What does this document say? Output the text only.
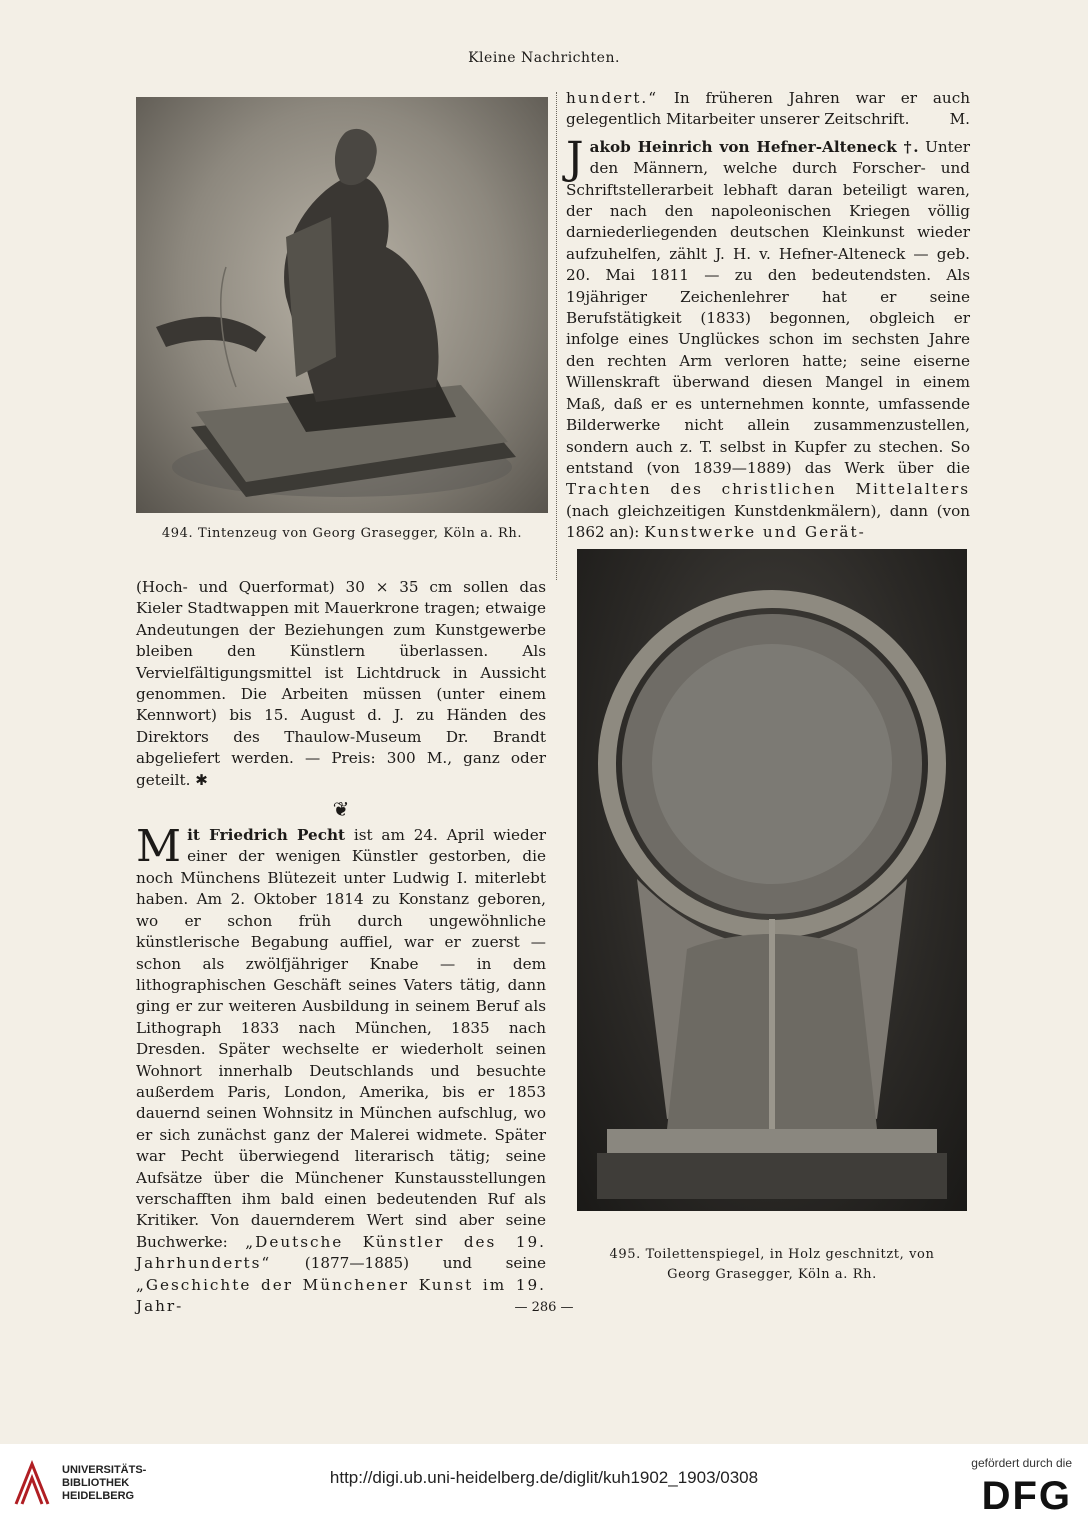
Kleine Nachrichten.
494. Tintenzeug von Georg Grasegger, Köln a. Rh.
495. Toilettenspiegel, in Holz geschnitzt, von
Georg Grasegger, Köln a. Rh.

(Hoch- und Querformat) 30 × 35 cm sollen das Kieler Stadtwappen mit Mauerkrone tragen; etwaige Andeutungen der Beziehungen zum Kunstgewerbe bleiben den Künstlern überlassen. Als Vervielfältigungsmittel ist Lichtdruck in Aussicht genommen. Die Arbeiten müssen (unter einem Kennwort) bis 15. August d. J. zu Händen des Direktors des Thaulow-Museum Dr. Brandt abgeliefert werden. — Preis: 300 M., ganz oder geteilt. ✱

❦

Mit Friedrich Pecht ist am 24. April wieder einer der wenigen Künstler gestorben, die noch Münchens Blütezeit unter Ludwig I. miterlebt haben. Am 2. Oktober 1814 zu Konstanz geboren, wo er schon früh durch ungewöhnliche künstlerische Begabung auffiel, war er zuerst — schon als zwölfjähriger Knabe — in dem lithographischen Geschäft seines Vaters tätig, dann ging er zur weiteren Ausbildung in seinem Beruf als Lithograph 1833 nach München, 1835 nach Dresden. Später wechselte er wiederholt seinen Wohnort innerhalb Deutschlands und besuchte außerdem Paris, London, Amerika, bis er 1853 dauernd seinen Wohnsitz in München aufschlug, wo er sich zunächst ganz der Malerei widmete. Später war Pecht überwiegend literarisch tätig; seine Aufsätze über die Münchener Kunstausstellungen verschafften ihm bald einen bedeutenden Ruf als Kritiker. Von dauernderem Wert sind aber seine Buchwerke: „Deutsche Künstler des 19. Jahrhunderts“ (1877—1885) und seine „Geschichte der Münchener Kunst im 19. Jahr-

hundert.“ In früheren Jahren war er auch gelegentlich Mitarbeiter unserer Zeitschrift.	M.

Jakob Heinrich von Hefner-Alteneck †. Unter den Männern, welche durch Forscher- und Schriftstellerarbeit lebhaft daran beteiligt waren, der nach den napoleonischen Kriegen völlig darniederliegenden deutschen Kleinkunst wieder aufzuhelfen, zählt J. H. v. Hefner-Alteneck — geb. 20. Mai 1811 — zu den bedeutendsten. Als 19jähriger Zeichenlehrer hat er seine Berufstätigkeit (1833) begonnen, obgleich er infolge eines Unglückes schon im sechsten Jahre den rechten Arm verloren hatte; seine eiserne Willenskraft überwand diesen Mangel in einem Maß, daß er es unternehmen konnte, umfassende Bilderwerke nicht allein zusammenzustellen, sondern auch z. T. selbst in Kupfer zu stechen. So entstand (von 1839—1889) das Werk über die Trachten des christlichen Mittelalters (nach gleichzeitigen Kunstdenkmälern), dann (von 1862 an): Kunstwerke und Gerät-

— 286 —
UNIVERSITÄTS-
BIBLIOTHEK
HEIDELBERG
http://digi.ub.uni-heidelberg.de/diglit/kuh1902_1903/0308
gefördert durch die
DFG
